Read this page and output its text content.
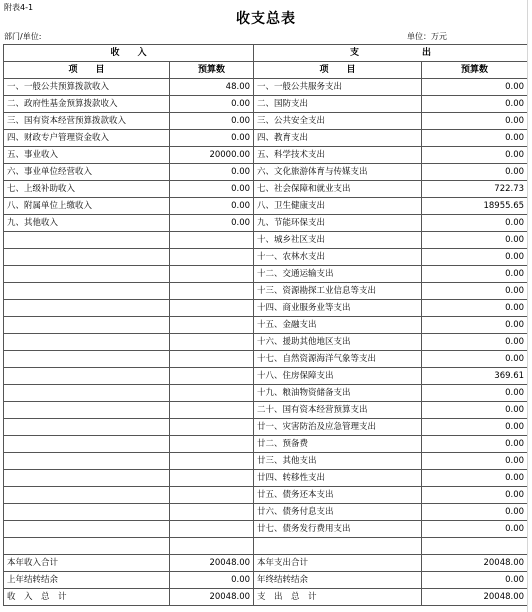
附表4-1
收支总表
部门/单位:	单位：万元
收　　入		支　　　　　　　出	
项　　目	预算数	项　　目	预算数
一、一般公共预算拨款收入	48.00	一、一般公共服务支出	0.00
二、政府性基金预算拨款收入	0.00	二、国防支出	0.00
三、国有资本经营预算拨款收入	0.00	三、公共安全支出	0.00
四、财政专户管理资金收入	0.00	四、教育支出	0.00
五、事业收入	20000.00	五、科学技术支出	0.00
六、事业单位经营收入	0.00	六、文化旅游体育与传媒支出	0.00
七、上级补助收入	0.00	七、社会保障和就业支出	722.73
八、附属单位上缴收入	0.00	八、卫生健康支出	18955.65
九、其他收入	0.00	九、节能环保支出	0.00
		十、城乡社区支出	0.00
		十一、农林水支出	0.00
		十二、交通运输支出	0.00
		十三、资源勘探工业信息等支出	0.00
		十四、商业服务业等支出	0.00
		十五、金融支出	0.00
		十六、援助其他地区支出	0.00
		十七、自然资源海洋气象等支出	0.00
		十八、住房保障支出	369.61
		十九、粮油物资储备支出	0.00
		二十、国有资本经营预算支出	0.00
		廿一、灾害防治及应急管理支出	0.00
		廿二、预备费	0.00
		廿三、其他支出	0.00
		廿四、转移性支出	0.00
		廿五、债务还本支出	0.00
		廿六、债务付息支出	0.00
		廿七、债务发行费用支出	0.00

本年收入合计	20048.00	本年支出合计	20048.00
上年结转结余	0.00	年终结转结余	0.00
收　入　总　计	20048.00	支　出　总　计	20048.00
